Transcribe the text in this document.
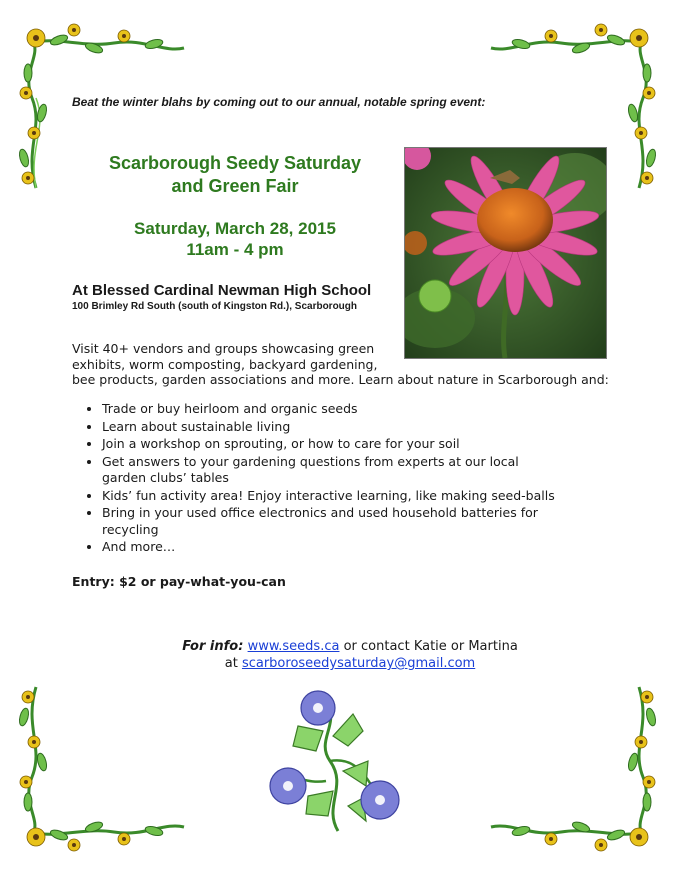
Beat the winter blahs by coming out to our annual, notable spring event:
Scarborough Seedy Saturday
and Green Fair
Saturday, March 28, 2015
11am - 4 pm
At Blessed Cardinal Newman High School
100 Brimley Rd South (south of Kingston Rd.), Scarborough
Visit 40+ vendors and groups showcasing green
exhibits, worm composting, backyard gardening,
bee products, garden associations and more. Learn about nature in Scarborough and:
• Trade or buy heirloom and organic seeds
• Learn about sustainable living
• Join a workshop on sprouting, or how to care for your soil
• Get answers to your gardening questions from experts at our local garden clubs’ tables
• Kids’ fun activity area! Enjoy interactive learning, like making seed-balls
• Bring in your used office electronics and used household batteries for recycling
• And more…
Entry: $2 or pay-what-you-can
For info: www.seeds.ca or contact Katie or Martina
at scarboroseedysaturday@gmail.com
